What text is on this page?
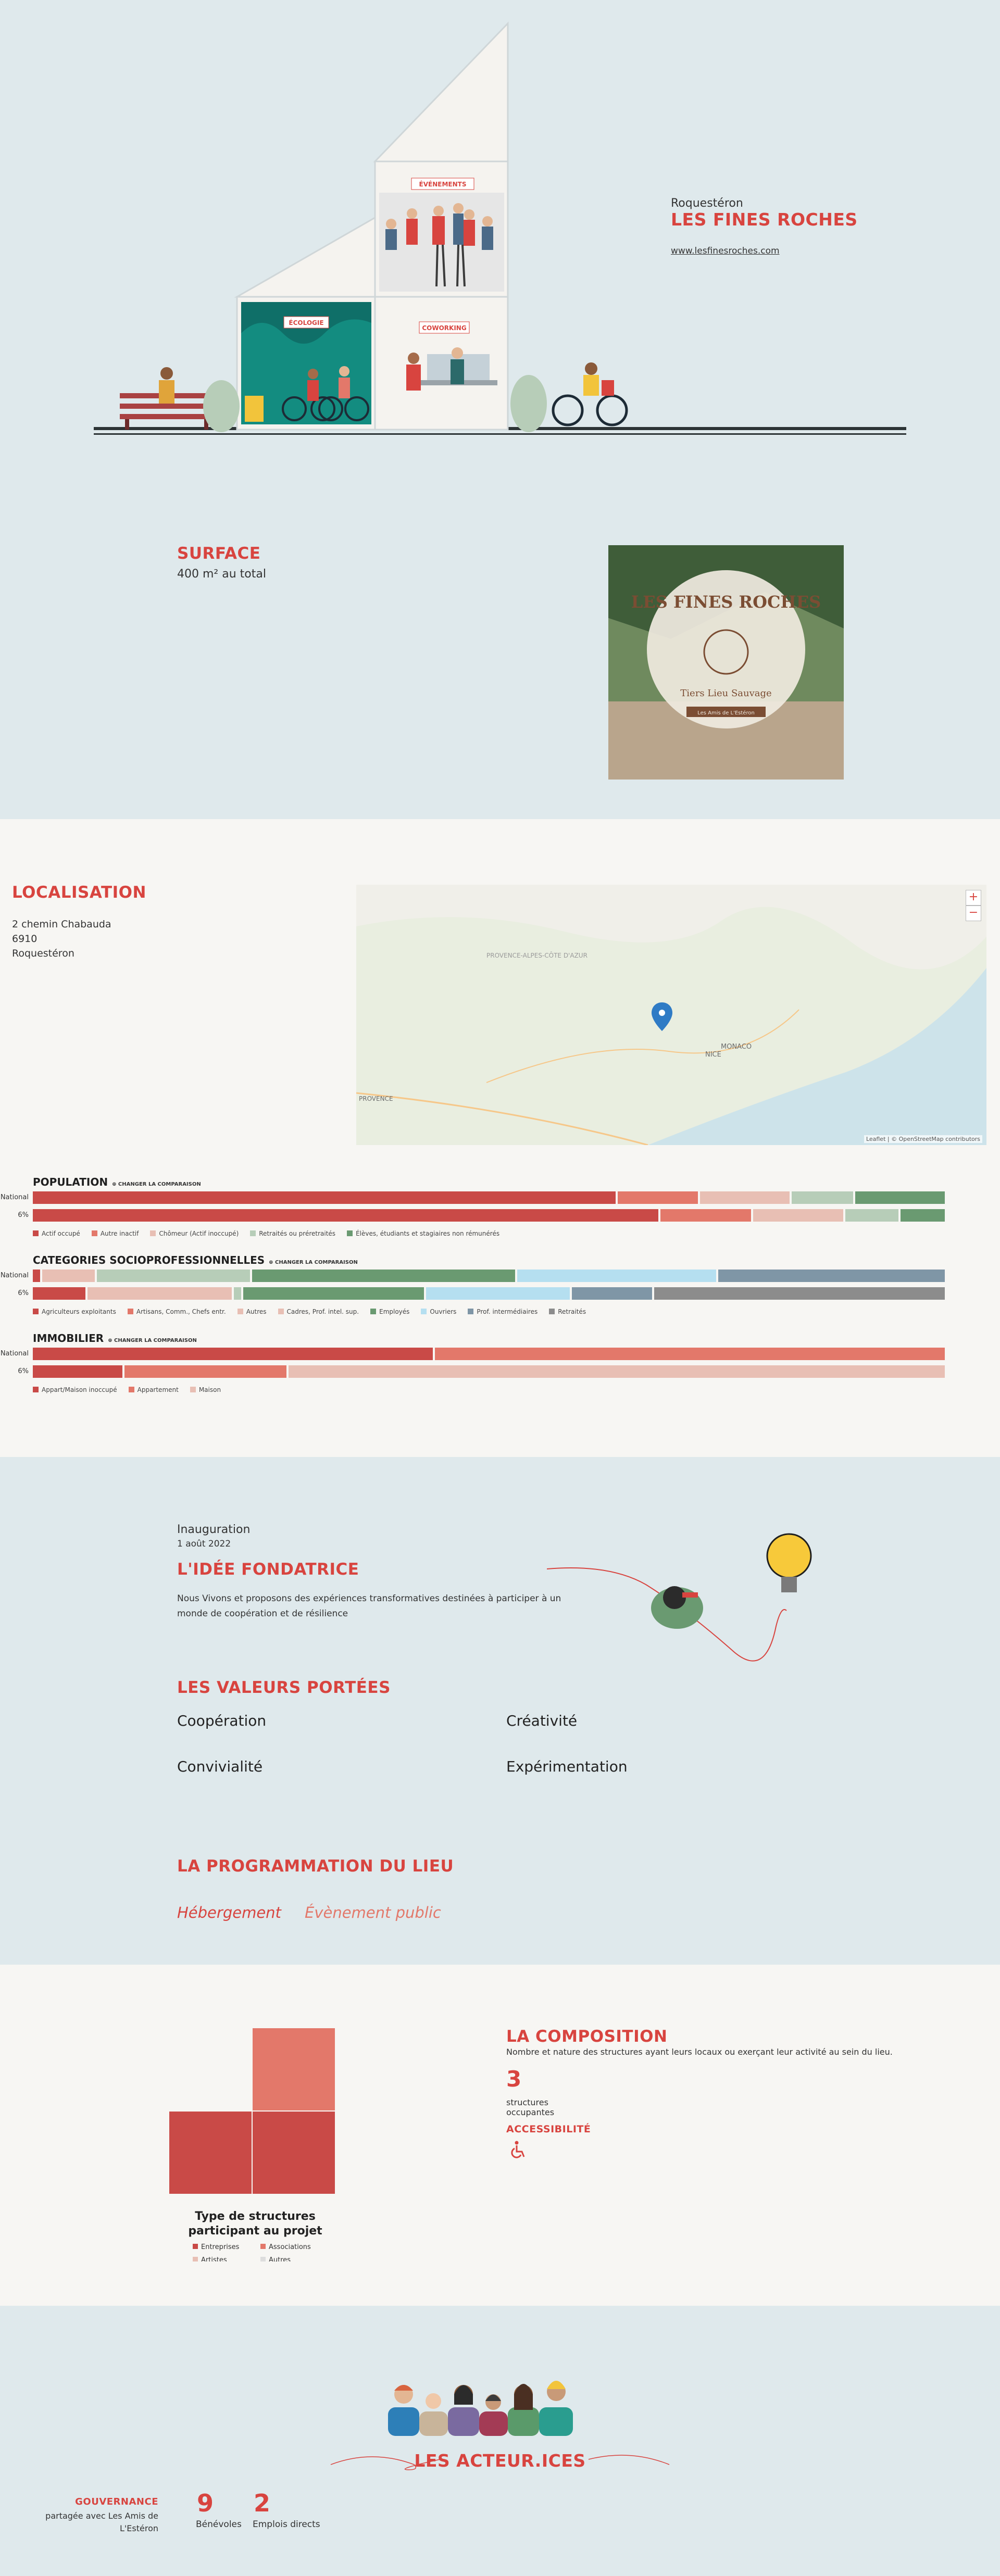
ÉCOLOGIE
COWORKING
ÉVÉNEMENTS
Roquestéron
LES FINES ROCHES
www.lesfinesroches.com
SURFACE
400 m² au total
LES FINES ROCHES
Tiers Lieu Sauvage
Les Amis de L'Estéron
LOCALISATION
2 chemin Chabauda
6910
Roquestéron	PROVENCE-ALPES-CÔTE D'AZUR
NICE
MONACO
PROVENCE
+
−
Leaflet | © OpenStreetMap contributors
POPULATION ⊕ CHANGER LA COMPARAISON
National
6%
Actif occupé	Autre inactif	Chômeur (Actif inoccupé)	Retraités ou préretraités	Élèves, étudiants et stagiaires non rémunérés
CATEGORIES SOCIOPROFESSIONNELLES ⊕ CHANGER LA COMPARAISON
National
6%
Agriculteurs exploitants	Artisans, Comm., Chefs entr.	Autres	Cadres, Prof. intel. sup.	Employés	Ouvriers	Prof. intermédiaires	Retraités
IMMOBILIER ⊕ CHANGER LA COMPARAISON
National
6%
Appart/Maison inoccupé	Appartement	Maison
Inauguration
1 août 2022
L'IDÉE FONDATRICE
Nous Vivons et proposons des expériences transformatives destinées à participer à un monde de coopération et de résilience
LES VALEURS PORTÉES
Coopération	Créativité
Convivialité	Expérimentation
LA PROGRAMMATION DU LIEU
Hébergement Évènement public
Type de structures participant au projet
Entreprises	Associations
Artistes	Autres
LA COMPOSITION
Nombre et nature des structures ayant leurs locaux ou exerçant leur activité au sein du lieu.
3
structures
occupantes
ACCESSIBILITÉ
LES ACTEUR.ICES
GOUVERNANCE
partagée avec Les Amis de L'Estéron
9
Bénévoles
2
Emplois directs
